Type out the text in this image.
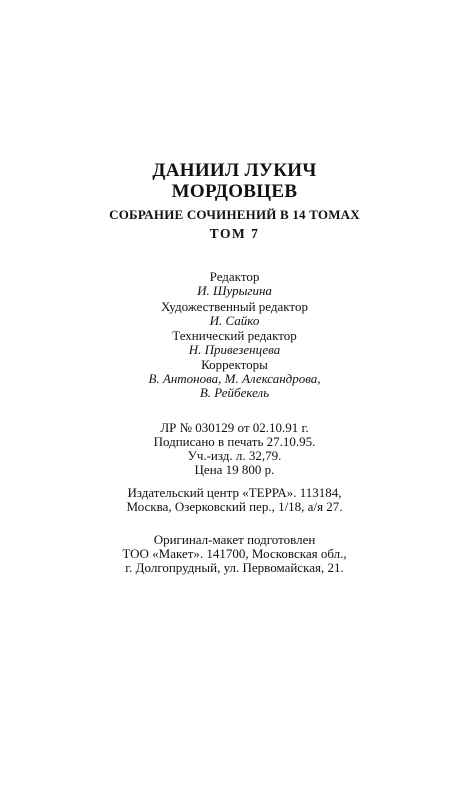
ДАНИИЛ ЛУКИЧ
МОРДОВЦЕВ
СОБРАНИЕ СОЧИНЕНИЙ В 14 ТОМАХ
ТОМ 7
Редактор
И. Шурыгина
Художественный редактор
И. Сайко
Технический редактор
Н. Привезенцева
Корректоры
В. Антонова, М. Александрова,
В. Рейбекель
ЛР № 030129 от 02.10.91 г.
Подписано в печать 27.10.95.
Уч.-изд. л. 32,79.
Цена 19 800 р.
Издательский центр «ТЕРРА». 113184,
Москва, Озерковский пер., 1/18, а/я 27.
Оригинал-макет подготовлен
ТОО «Макет». 141700, Московская обл.,
г. Долгопрудный, ул. Первомайская, 21.
